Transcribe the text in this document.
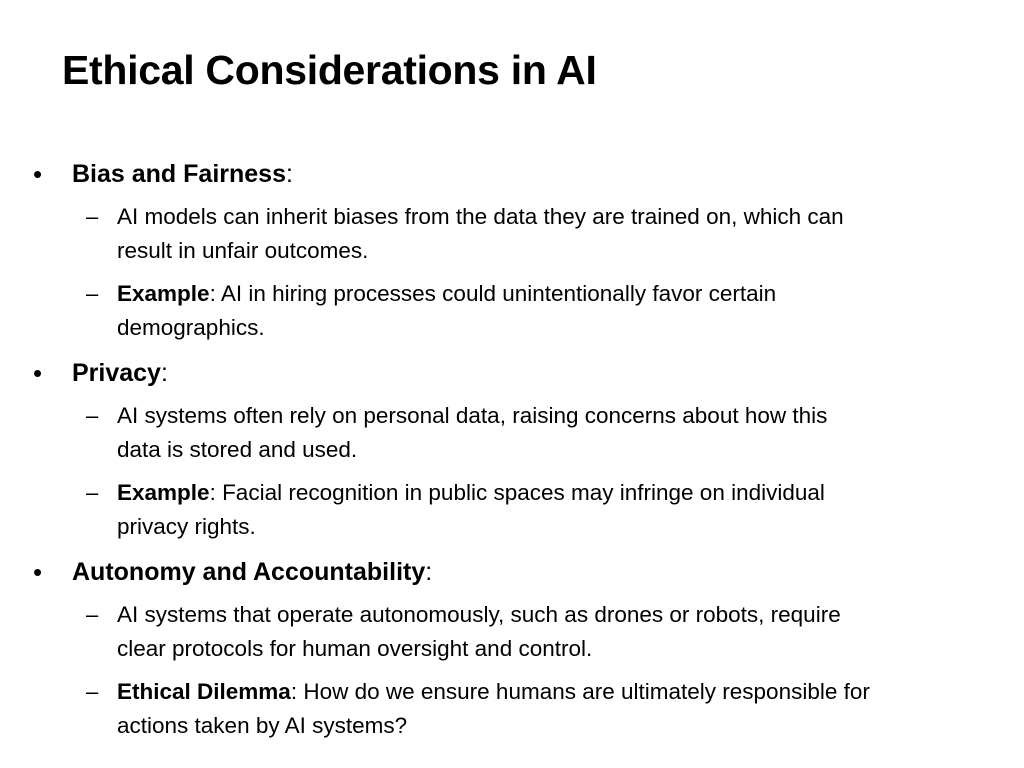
Ethical Considerations in AI
• Bias and Fairness:
– AI models can inherit biases from the data they are trained on, which can
result in unfair outcomes.
– Example: AI in hiring processes could unintentionally favor certain
demographics.
• Privacy:
– AI systems often rely on personal data, raising concerns about how this
data is stored and used.
– Example: Facial recognition in public spaces may infringe on individual
privacy rights.
• Autonomy and Accountability:
– AI systems that operate autonomously, such as drones or robots, require
clear protocols for human oversight and control.
– Ethical Dilemma: How do we ensure humans are ultimately responsible for
actions taken by AI systems?
